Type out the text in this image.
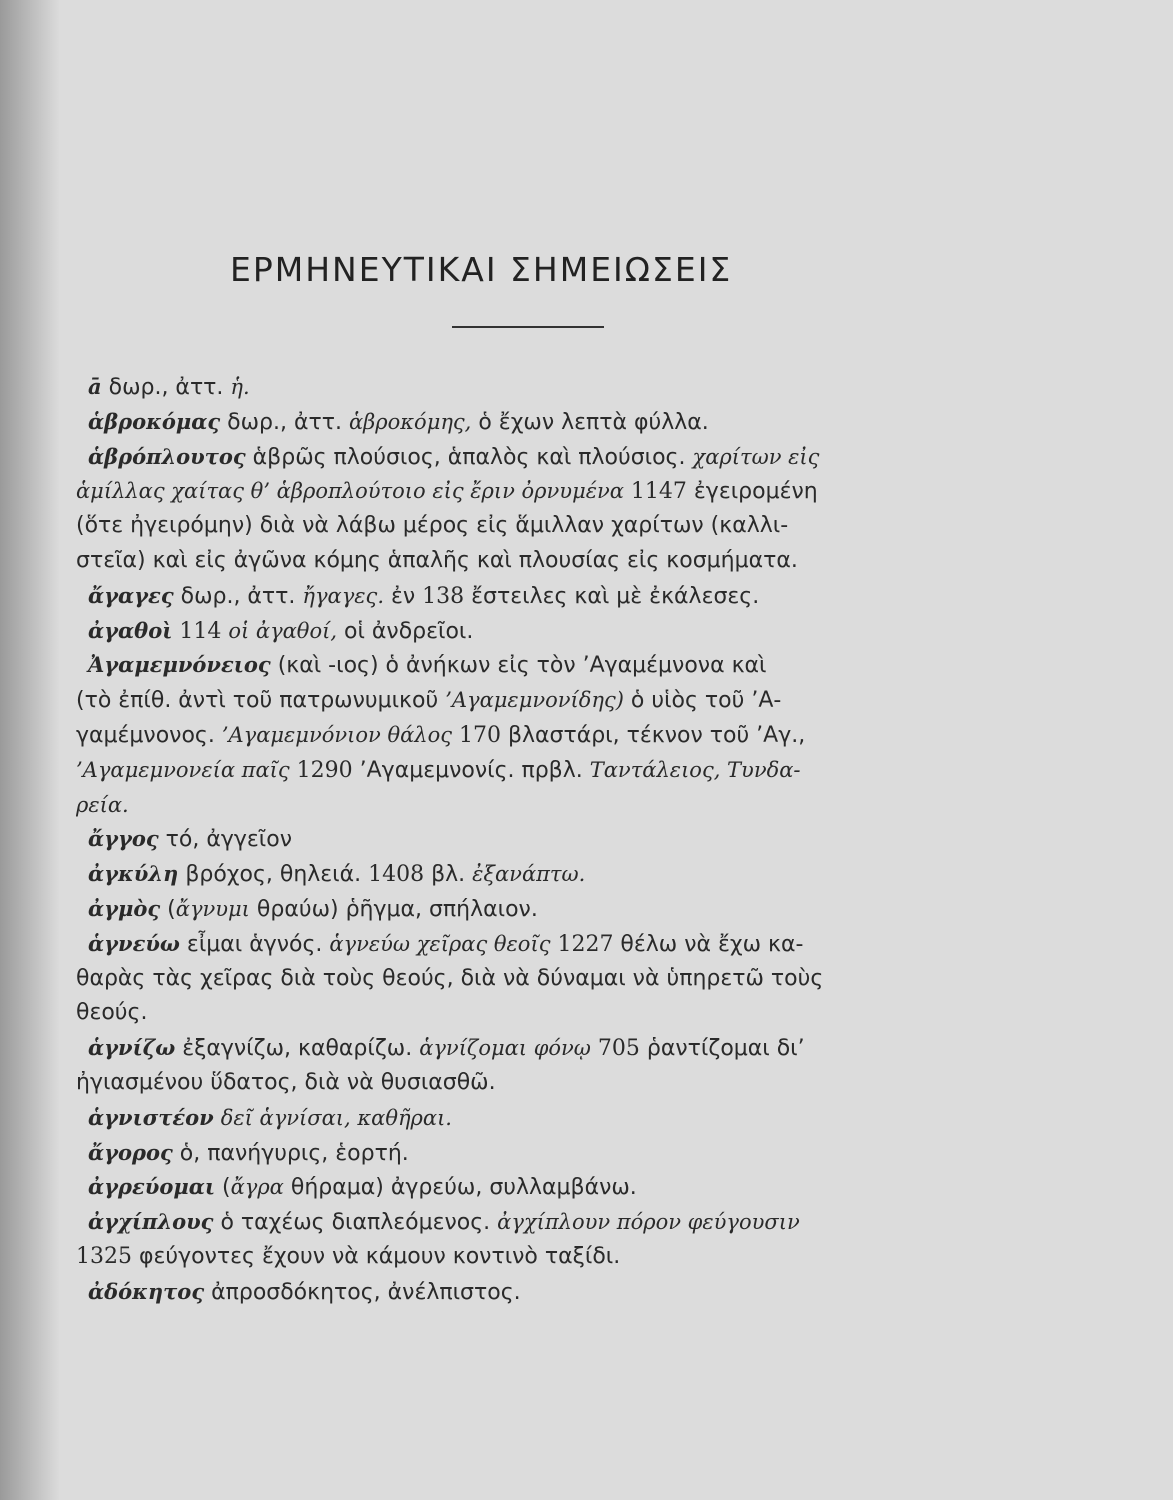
ΕΡΜΗΝΕΥΤΙΚΑΙ ΣΗΜΕΙΩΣΕΙΣ
ā δωρ., ἀττ. ἡ.
ἁβροκόμας δωρ., ἀττ. ἁβροκόμης, ὁ ἔχων λεπτὰ φύλλα.
ἁβρόπλουτος ἁβρῶς πλούσιος, ἁπαλὸς καὶ πλούσιος. χαρίτων εἰς
ἁμίλλας χαίτας θ’ ἁβροπλούτοιο εἰς ἔριν ὀρνυμένα 1147 ἐγειρομένη
(ὅτε ἠγειρόμην) διὰ νὰ λάβω μέρος εἰς ἅμιλλαν χαρίτων (καλλι-
στεῖα) καὶ εἰς ἀγῶνα κόμης ἁπαλῆς καὶ πλουσίας εἰς κοσμήματα.
ἄγαγες δωρ., ἀττ. ἤγαγες. ἐν 138 ἔστειλες καὶ μὲ ἐκάλεσες.
ἀγαθοὶ 114 οἱ ἀγαθοί, οἱ ἀνδρεῖοι.
Ἀγαμεμνόνειος (καὶ -ιος) ὁ ἀνήκων εἰς τὸν ’Αγαμέμνονα καὶ
(τὸ ἐπίθ. ἀντὶ τοῦ πατρωνυμικοῦ ’Αγαμεμνονίδης) ὁ υἱὸς τοῦ ’Α-
γαμέμνονος. ’Αγαμεμνόνιον θάλος 170 βλαστάρι, τέκνον τοῦ ’Αγ.,
’Αγαμεμνονεία παῖς 1290 ’Αγαμεμνονίς. πρβλ. Ταντάλειος, Τυνδα-
ρεία.
ἄγγος τό, ἀγγεῖον
ἀγκύλη βρόχος, θηλειά. 1408 βλ. ἐξανάπτω.
ἀγμὸς (ἄγνυμι θραύω) ῥῆγμα, σπήλαιον.
ἁγνεύω εἶμαι ἁγνός. ἁγνεύω χεῖρας θεοῖς 1227 θέλω νὰ ἔχω κα-
θαρὰς τὰς χεῖρας διὰ τοὺς θεούς, διὰ νὰ δύναμαι νὰ ὑπηρετῶ τοὺς
θεούς.
ἁγνίζω ἐξαγνίζω, καθαρίζω. ἁγνίζομαι φόνῳ 705 ῥαντίζομαι δι’
ἠγιασμένου ὕδατος, διὰ νὰ θυσιασθῶ.
ἁγνιστέον δεῖ ἁγνίσαι, καθῆραι.
ἄγορος ὁ, πανήγυρις, ἑορτή.
ἀγρεύομαι (ἄγρα θήραμα) ἀγρεύω, συλλαμβάνω.
ἀγχίπλους ὁ ταχέως διαπλεόμενος. ἀγχίπλουν πόρον φεύγουσιν
1325 φεύγοντες ἔχουν νὰ κάμουν κοντινὸ ταξίδι.
ἀδόκητος ἀπροσδόκητος, ἀνέλπιστος.
